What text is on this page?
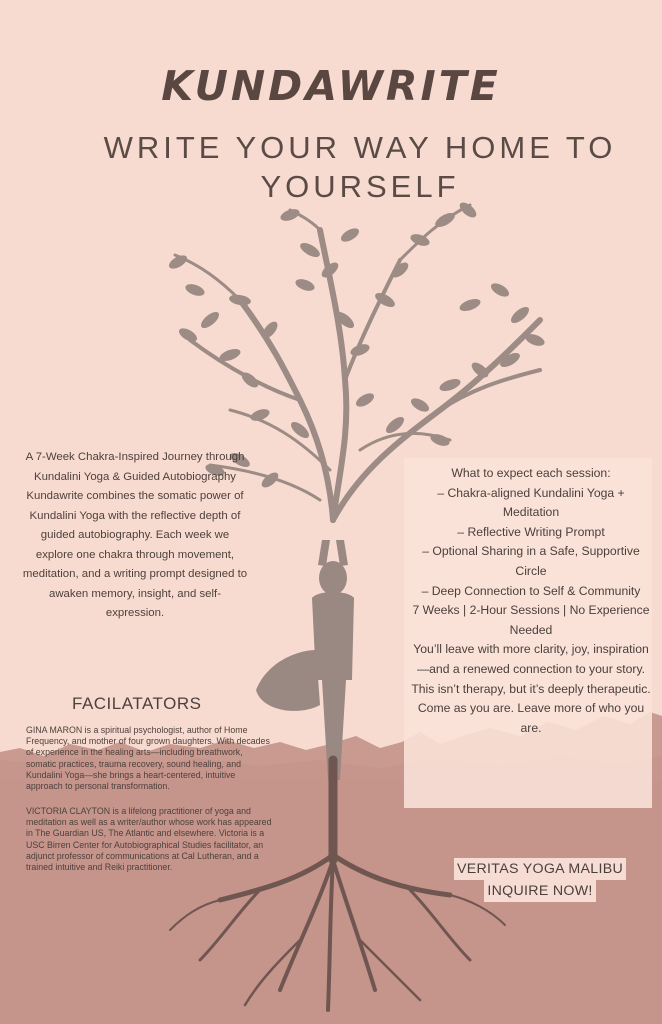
KUNDAWRITE
WRITE YOUR WAY HOME TO YOURSELF

A 7-Week Chakra-Inspired Journey through Kundalini Yoga & Guided Autobiography

Kundawrite combines the somatic power of Kundalini Yoga with the reflective depth of guided autobiography. Each week we explore one chakra through movement, meditation, and a writing prompt designed to awaken memory, insight, and self-expression.

FACILATATORS
GINA MARON is a spiritual psychologist, author of Home Frequency, and mother of four grown daughters. With decades of experience in the healing arts—including breathwork, somatic practices, trauma recovery, sound healing, and Kundalini Yoga—she brings a heart-centered, intuitive approach to personal transformation.
VICTORIA CLAYTON is a lifelong practitioner of yoga and meditation as well as a writer/author whose work has appeared in The Guardian US, The Atlantic and elsewhere. Victoria is a USC Birren Center for Autobiographical Studies facilitator, an adjunct professor of communications at Cal Lutheran, and a trained intuitive and Reiki practitioner.

What to expect each session:

– Chakra-aligned Kundalini Yoga + Meditation

– Reflective Writing Prompt

– Optional Sharing in a Safe, Supportive Circle

– Deep Connection to Self & Community

7 Weeks | 2-Hour Sessions | No Experience Needed

You’ll leave with more clarity, joy, inspiration—and a renewed connection to your story.

This isn’t therapy, but it’s deeply therapeutic.

Come as you are. Leave more of who you are.

VERITAS YOGA MALIBU
INQUIRE NOW!
